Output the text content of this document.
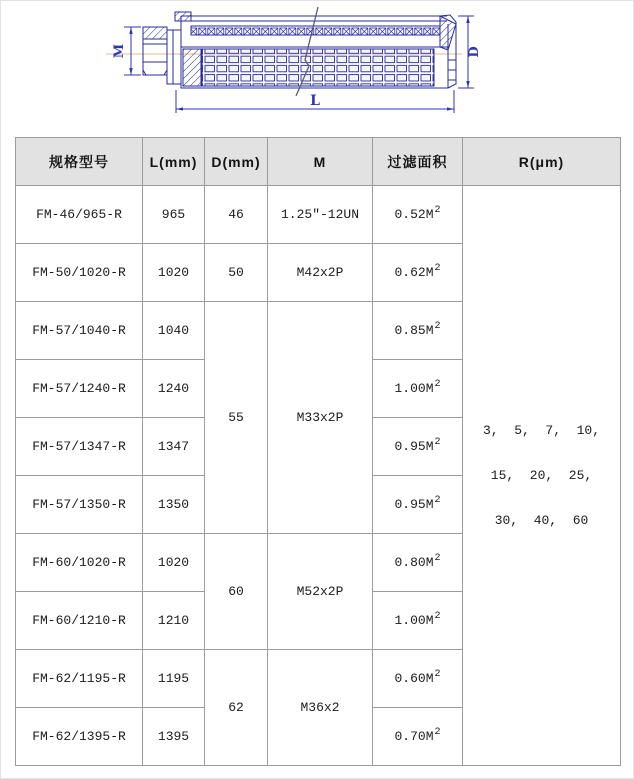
M	D
L
规格型号	L(mm)	D(mm)	M	过滤面积	R(μm)
FM-46/965-R	965	46	1.25″-12UN	$0.52M^2$	3,  5,  7,  10,

15,  20,  25,

30,  40,  60

FM-50/1020-R	1020	50	M42x2P	$0.62M^2$
FM-57/1040-R	1040	55	M33x2P	$0.85M^2$
FM-57/1240-R	1240			$1.00M^2$
FM-57/1347-R	1347			$0.95M^2$
FM-57/1350-R	1350			$0.95M^2$
FM-60/1020-R	1020	60	M52x2P	$0.80M^2$
FM-60/1210-R	1210			$1.00M^2$
FM-62/1195-R	1195	62	M36x2	$0.60M^2$
FM-62/1395-R	1395			$0.70M^2$
